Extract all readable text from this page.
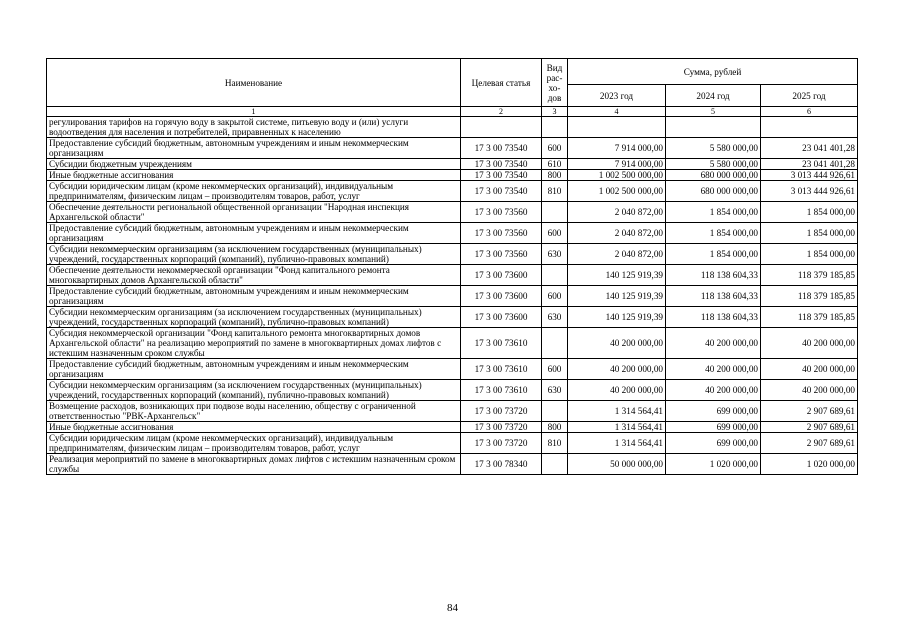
Наименование	Целевая статья	Вид рас-хо-дов	Сумма, рублей		
			2023 год	2024 год	2025 год
1	2	3	4	5	6
регулирования тарифов на горячую воду в закрытой системе, питьевую воду и (или) услуги водоотведения для населения и потребителей, приравненных к населению					
Предоставление субсидий бюджетным, автономным учреждениям и иным некоммерческим организациям	17 3 00 73540	600	7 914 000,00	5 580 000,00	23 041 401,28
Субсидии бюджетным учреждениям	17 3 00 73540	610	7 914 000,00	5 580 000,00	23 041 401,28
Иные бюджетные ассигнования	17 3 00 73540	800	1 002 500 000,00	680 000 000,00	3 013 444 926,61
Субсидии юридическим лицам (кроме некоммерческих организаций), индивидуальным предпринимателям, физическим лицам – производителям товаров, работ, услуг	17 3 00 73540	810	1 002 500 000,00	680 000 000,00	3 013 444 926,61
Обеспечение деятельности региональной общественной организации "Народная инспекция Архангельской области"	17 3 00 73560		2 040 872,00	1 854 000,00	1 854 000,00
Предоставление субсидий бюджетным, автономным учреждениям и иным некоммерческим организациям	17 3 00 73560	600	2 040 872,00	1 854 000,00	1 854 000,00
Субсидии некоммерческим организациям (за исключением государственных (муниципальных) учреждений, государственных корпораций (компаний), публично-правовых компаний)	17 3 00 73560	630	2 040 872,00	1 854 000,00	1 854 000,00
Обеспечение деятельности некоммерческой организации "Фонд капитального ремонта многоквартирных домов Архангельской области"	17 3 00 73600		140 125 919,39	118 138 604,33	118 379 185,85
Предоставление субсидий бюджетным, автономным учреждениям и иным некоммерческим организациям	17 3 00 73600	600	140 125 919,39	118 138 604,33	118 379 185,85
Субсидии некоммерческим организациям (за исключением государственных (муниципальных) учреждений, государственных корпораций (компаний), публично-правовых компаний)	17 3 00 73600	630	140 125 919,39	118 138 604,33	118 379 185,85
Субсидия некоммерческой организации "Фонд капитального ремонта многоквартирных домов Архангельской области" на реализацию мероприятий по замене в многоквартирных домах лифтов с истекшим назначенным сроком службы	17 3 00 73610		40 200 000,00	40 200 000,00	40 200 000,00
Предоставление субсидий бюджетным, автономным учреждениям и иным некоммерческим организациям	17 3 00 73610	600	40 200 000,00	40 200 000,00	40 200 000,00
Субсидии некоммерческим организациям (за исключением государственных (муниципальных) учреждений, государственных корпораций (компаний), публично-правовых компаний)	17 3 00 73610	630	40 200 000,00	40 200 000,00	40 200 000,00
Возмещение расходов, возникающих при подвозе воды населению, обществу с ограниченной ответственностью "РВК-Архангельск"	17 3 00 73720		1 314 564,41	699 000,00	2 907 689,61
Иные бюджетные ассигнования	17 3 00 73720	800	1 314 564,41	699 000,00	2 907 689,61
Субсидии юридическим лицам (кроме некоммерческих организаций), индивидуальным предпринимателям, физическим лицам – производителям товаров, работ, услуг	17 3 00 73720	810	1 314 564,41	699 000,00	2 907 689,61
Реализация мероприятий по замене в многоквартирных домах лифтов с истекшим назначенным сроком службы	17 3 00 78340		50 000 000,00	1 020 000,00	1 020 000,00
84
